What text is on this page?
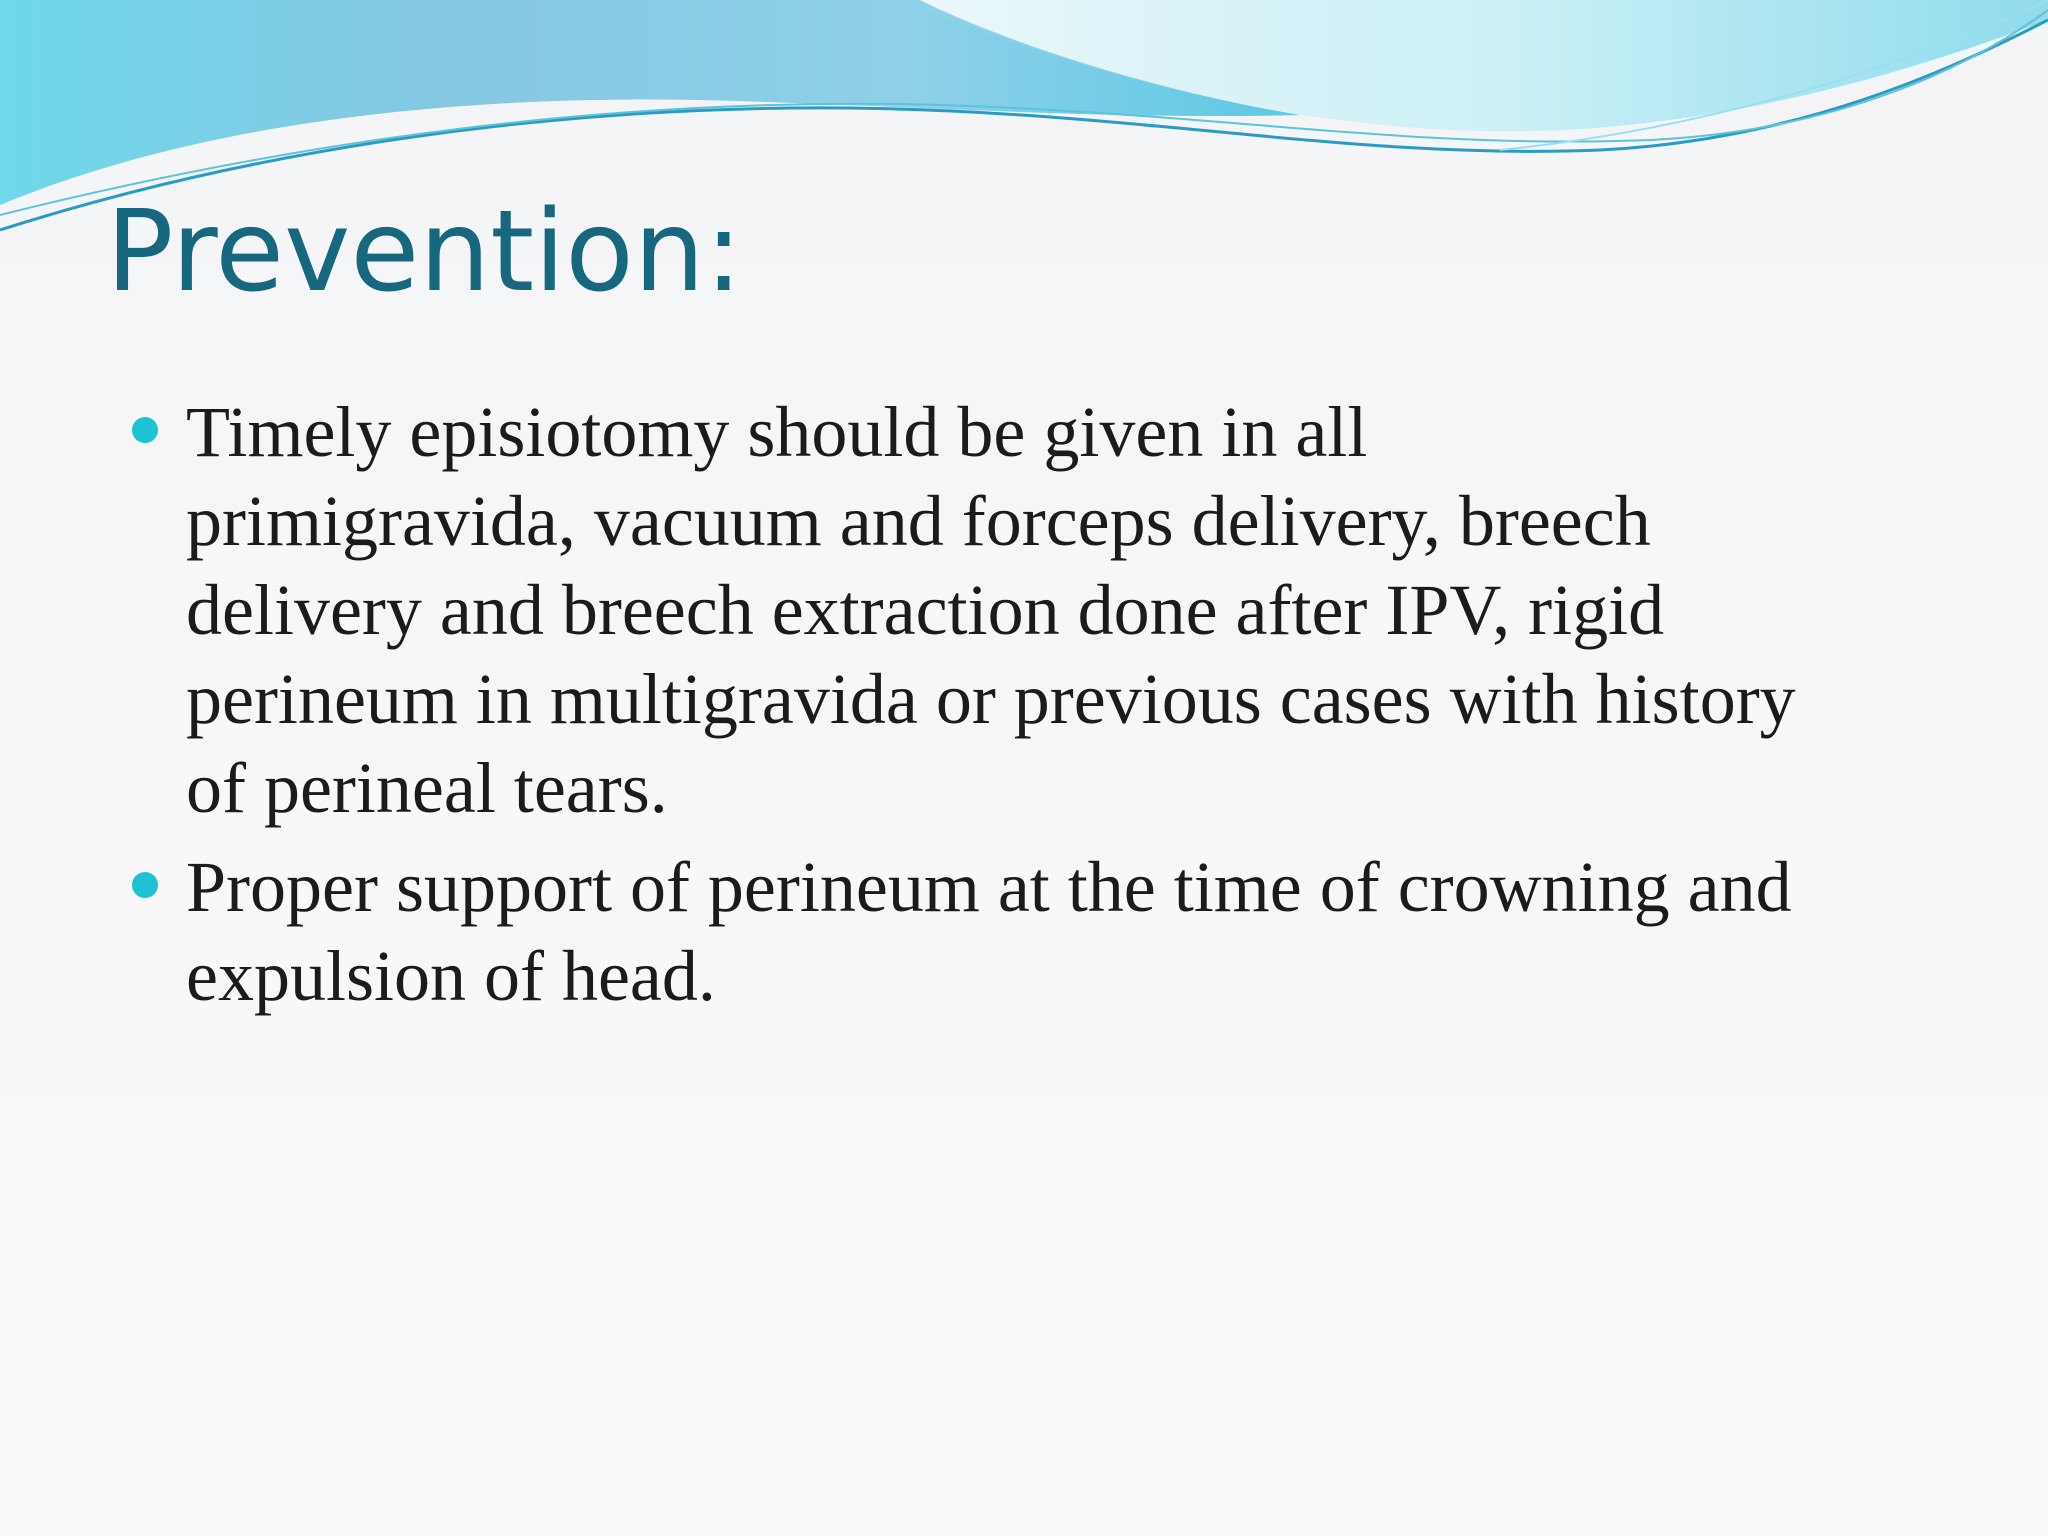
Prevention:
Timely episiotomy should be given in all
primigravida, vacuum and forceps delivery, breech
delivery and breech extraction done after IPV, rigid
perineum in multigravida or previous cases with history
of perineal tears.
Proper support of perineum at the time of crowning and
expulsion of head.
